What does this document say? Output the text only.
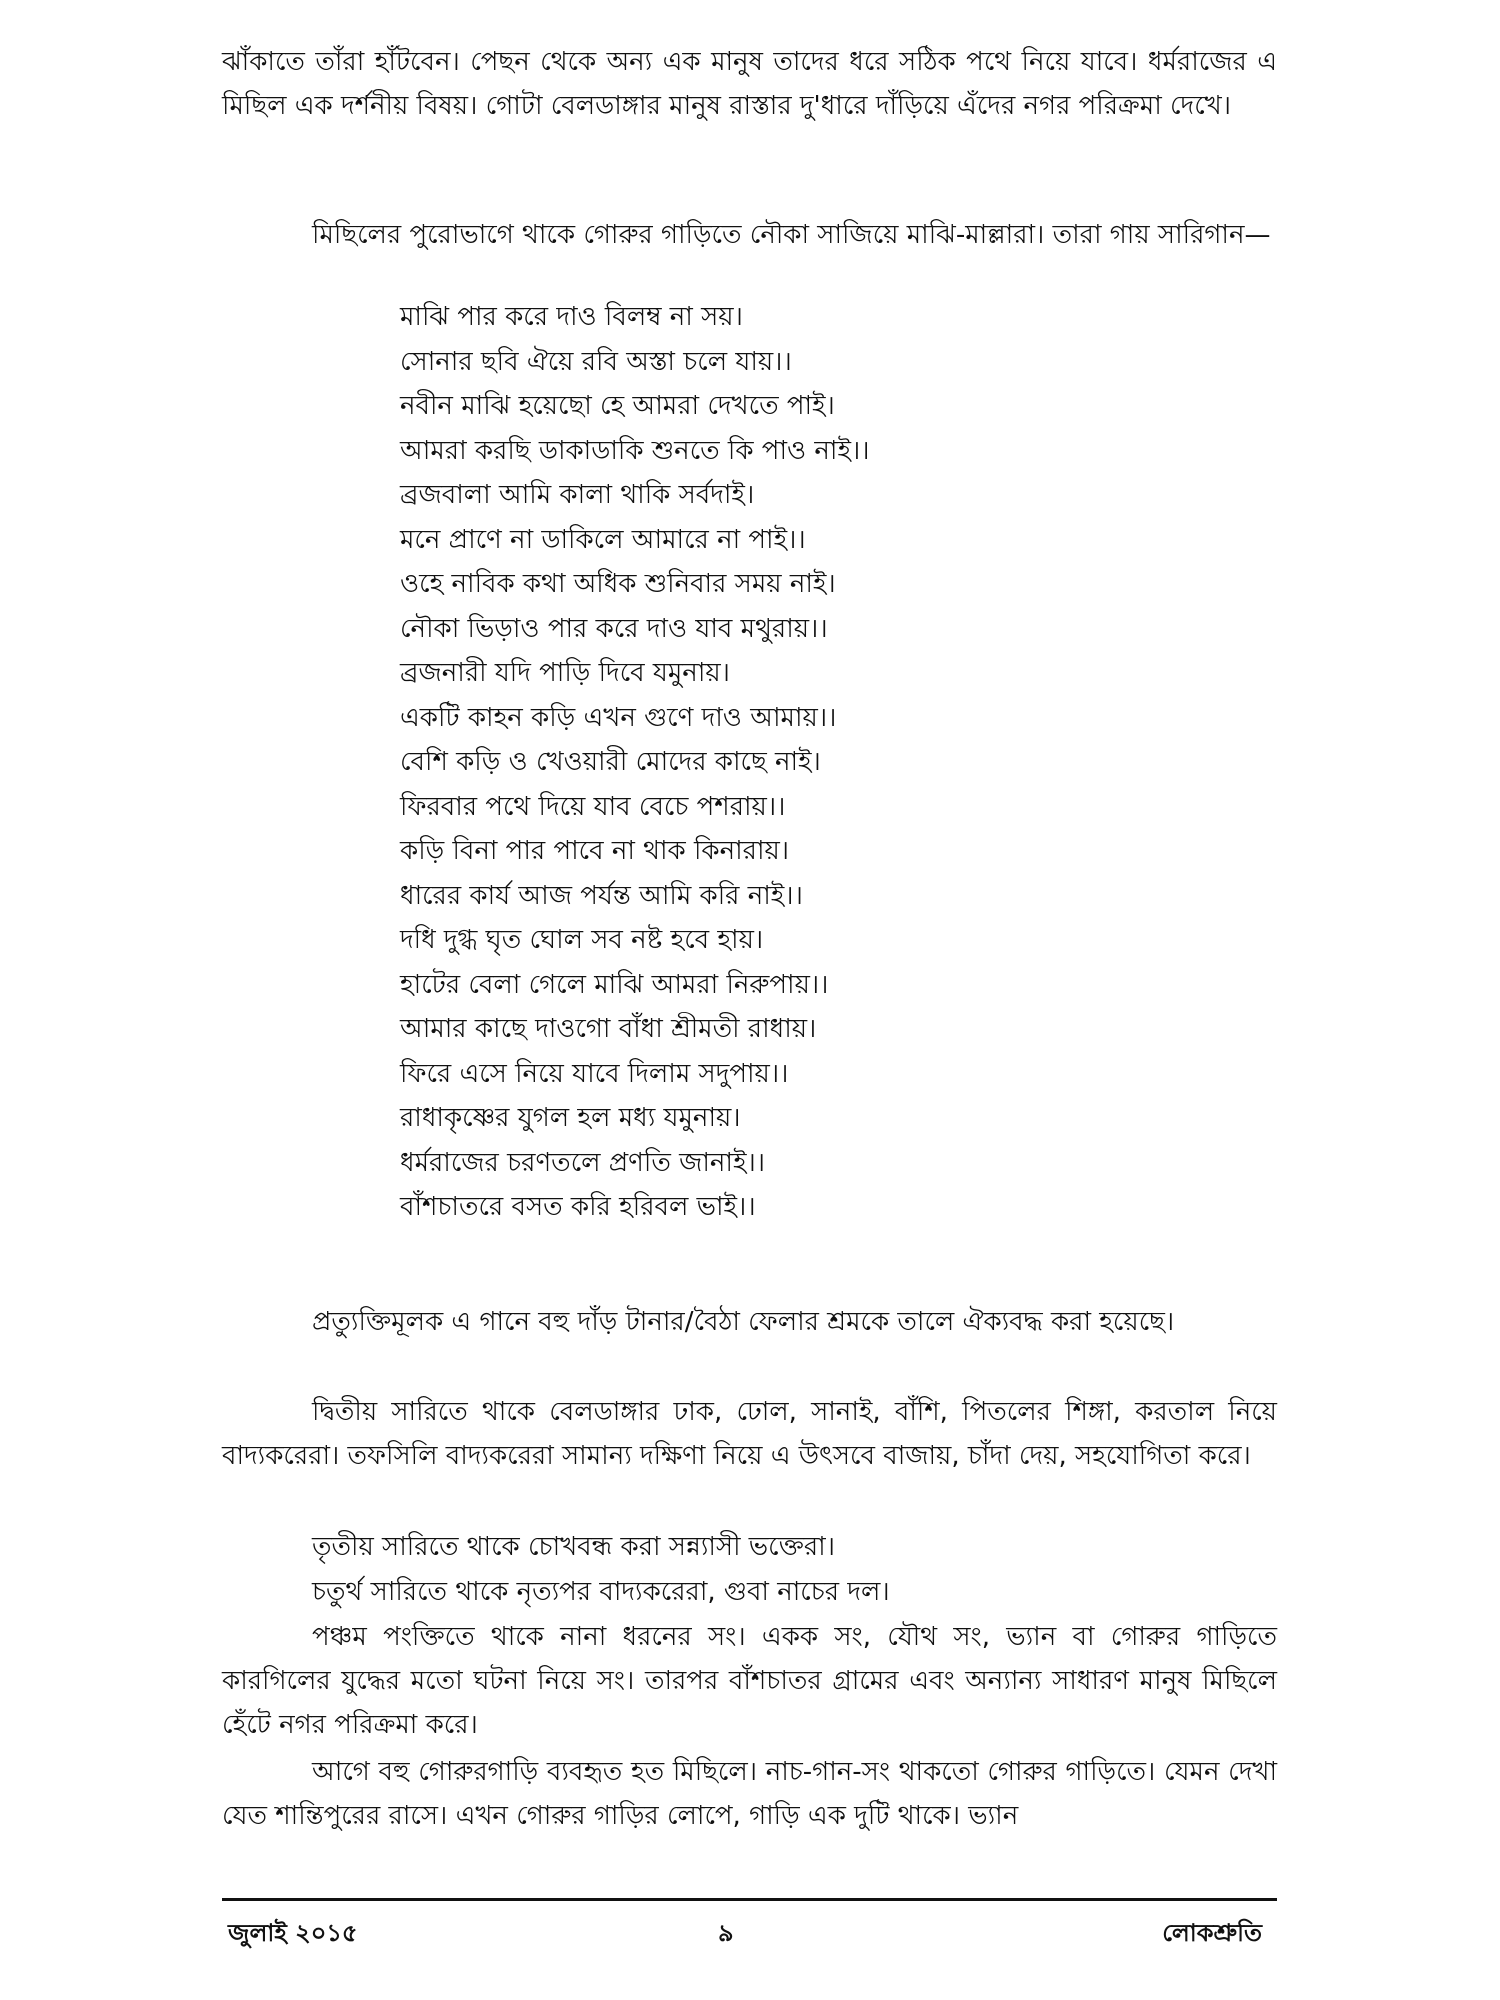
ঝাঁকাতে তাঁরা হাঁটবেন। পেছন থেকে অন্য এক মানুষ তাদের ধরে সঠিক পথে নিয়ে যাবে। ধর্মরাজের এ মিছিল এক দর্শনীয় বিষয়। গোটা বেলডাঙ্গার মানুষ রাস্তার দু'ধারে দাঁড়িয়ে এঁদের নগর পরিক্রমা দেখে।

মিছিলের পুরোভাগে থাকে গোরুর গাড়িতে নৌকা সাজিয়ে মাঝি-মাল্লারা। তারা গায় সারিগান—

মাঝি পার করে দাও বিলম্ব না সয়।
সোনার ছবি ঐয়ে রবি অস্তা চলে যায়।।
নবীন মাঝি হয়েছো হে আমরা দেখতে পাই।
আমরা করছি ডাকাডাকি শুনতে কি পাও নাই।।
ব্রজবালা আমি কালা থাকি সর্বদাই।
মনে প্রাণে না ডাকিলে আমারে না পাই।।
ওহে নাবিক কথা অধিক শুনিবার সময় নাই।
নৌকা ভিড়াও পার করে দাও যাব মথুরায়।।
ব্রজনারী যদি পাড়ি দিবে যমুনায়।
একটি কাহন কড়ি এখন গুণে দাও আমায়।।
বেশি কড়ি ও খেওয়ারী মোদের কাছে নাই।
ফিরবার পথে দিয়ে যাব বেচে পশরায়।।
কড়ি বিনা পার পাবে না থাক কিনারায়।
ধারের কার্য আজ পর্যন্ত আমি করি নাই।।
দধি দুগ্ধ ঘৃত ঘোল সব নষ্ট হবে হায়।
হাটের বেলা গেলে মাঝি আমরা নিরুপায়।।
আমার কাছে দাওগো বাঁধা শ্রীমতী রাধায়।
ফিরে এসে নিয়ে যাবে দিলাম সদুপায়।।
রাধাকৃষ্ণের যুগল হল মধ্য যমুনায়।
ধর্মরাজের চরণতলে প্রণতি জানাই।।
বাঁশচাতরে বসত করি হরিবল ভাই।।

প্রত্যুক্তিমূলক এ গানে বহু দাঁড় টানার/বৈঠা ফেলার শ্রমকে তালে ঐক্যবদ্ধ করা হয়েছে।

দ্বিতীয় সারিতে থাকে বেলডাঙ্গার ঢাক, ঢোল, সানাই, বাঁশি, পিতলের শিঙ্গা, করতাল নিয়ে বাদ্যকরেরা। তফসিলি বাদ্যকরেরা সামান্য দক্ষিণা নিয়ে এ উৎসবে বাজায়, চাঁদা দেয়, সহযোগিতা করে।

তৃতীয় সারিতে থাকে চোখবন্ধ করা সন্ন্যাসী ভক্তেরা।

চতুর্থ সারিতে থাকে নৃত্যপর বাদ্যকরেরা, গুবা নাচের দল।

পঞ্চম পংক্তিতে থাকে নানা ধরনের সং। একক সং, যৌথ সং, ভ্যান বা গোরুর গাড়িতে কারগিলের যুদ্ধের মতো ঘটনা নিয়ে সং। তারপর বাঁশচাতর গ্রামের এবং অন্যান্য সাধারণ মানুষ মিছিলে হেঁটে নগর পরিক্রমা করে।

আগে বহু গোরুরগাড়ি ব্যবহৃত হত মিছিলে। নাচ-গান-সং থাকতো গোরুর গাড়িতে। যেমন দেখা যেত শান্তিপুরের রাসে। এখন গোরুর গাড়ির লোপে, গাড়ি এক দুটি থাকে। ভ্যান

জুলাই ২০১৫	৯	লোকশ্রুতি
